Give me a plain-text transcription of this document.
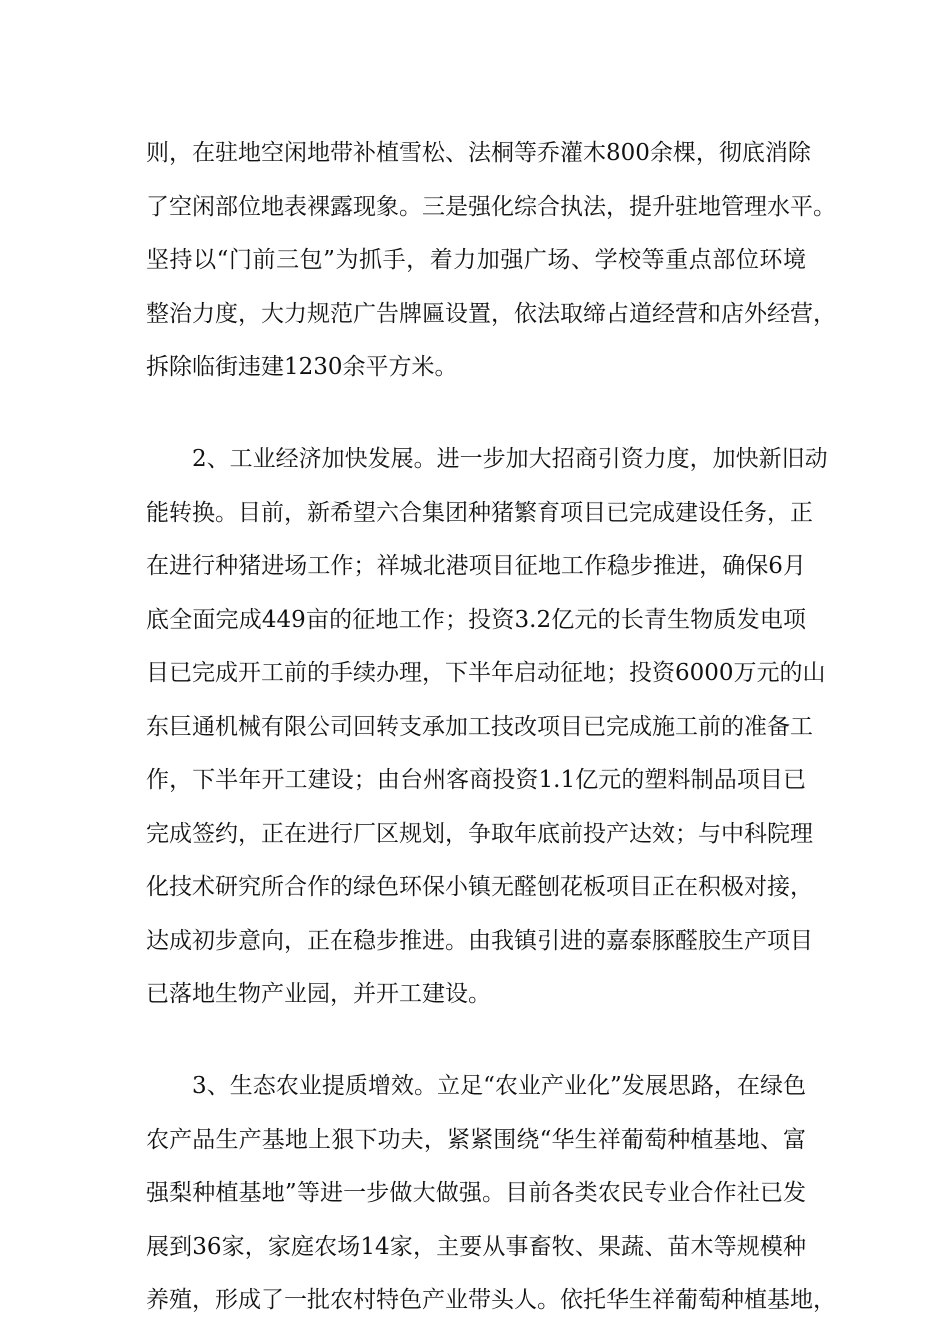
则，在驻地空闲地带补植雪松、法桐等乔灌木800余棵，彻底消除
了空闲部位地表裸露现象。三是强化综合执法，提升驻地管理水平。
坚持以“门前三包”为抓手，着力加强广场、学校等重点部位环境
整治力度，大力规范广告牌匾设置，依法取缔占道经营和店外经营，
拆除临街违建1230余平方米。
　　2、工业经济加快发展。进一步加大招商引资力度，加快新旧动
能转换。目前，新希望六合集团种猪繁育项目已完成建设任务，正
在进行种猪进场工作；祥城北港项目征地工作稳步推进，确保6月
底全面完成449亩的征地工作；投资3.2亿元的长青生物质发电项
目已完成开工前的手续办理，下半年启动征地；投资6000万元的山
东巨通机械有限公司回转支承加工技改项目已完成施工前的准备工
作，下半年开工建设；由台州客商投资1.1亿元的塑料制品项目已
完成签约，正在进行厂区规划，争取年底前投产达效；与中科院理
化技术研究所合作的绿色环保小镇无醛刨花板项目正在积极对接，
达成初步意向，正在稳步推进。由我镇引进的嘉泰豚醛胶生产项目
已落地生物产业园，并开工建设。
　　3、生态农业提质增效。立足“农业产业化”发展思路，在绿色
农产品生产基地上狠下功夫，紧紧围绕“华生祥葡萄种植基地、富
强梨种植基地”等进一步做大做强。目前各类农民专业合作社已发
展到36家，家庭农场14家，主要从事畜牧、果蔬、苗木等规模种
养殖，形成了一批农村特色产业带头人。依托华生祥葡萄种植基地，
